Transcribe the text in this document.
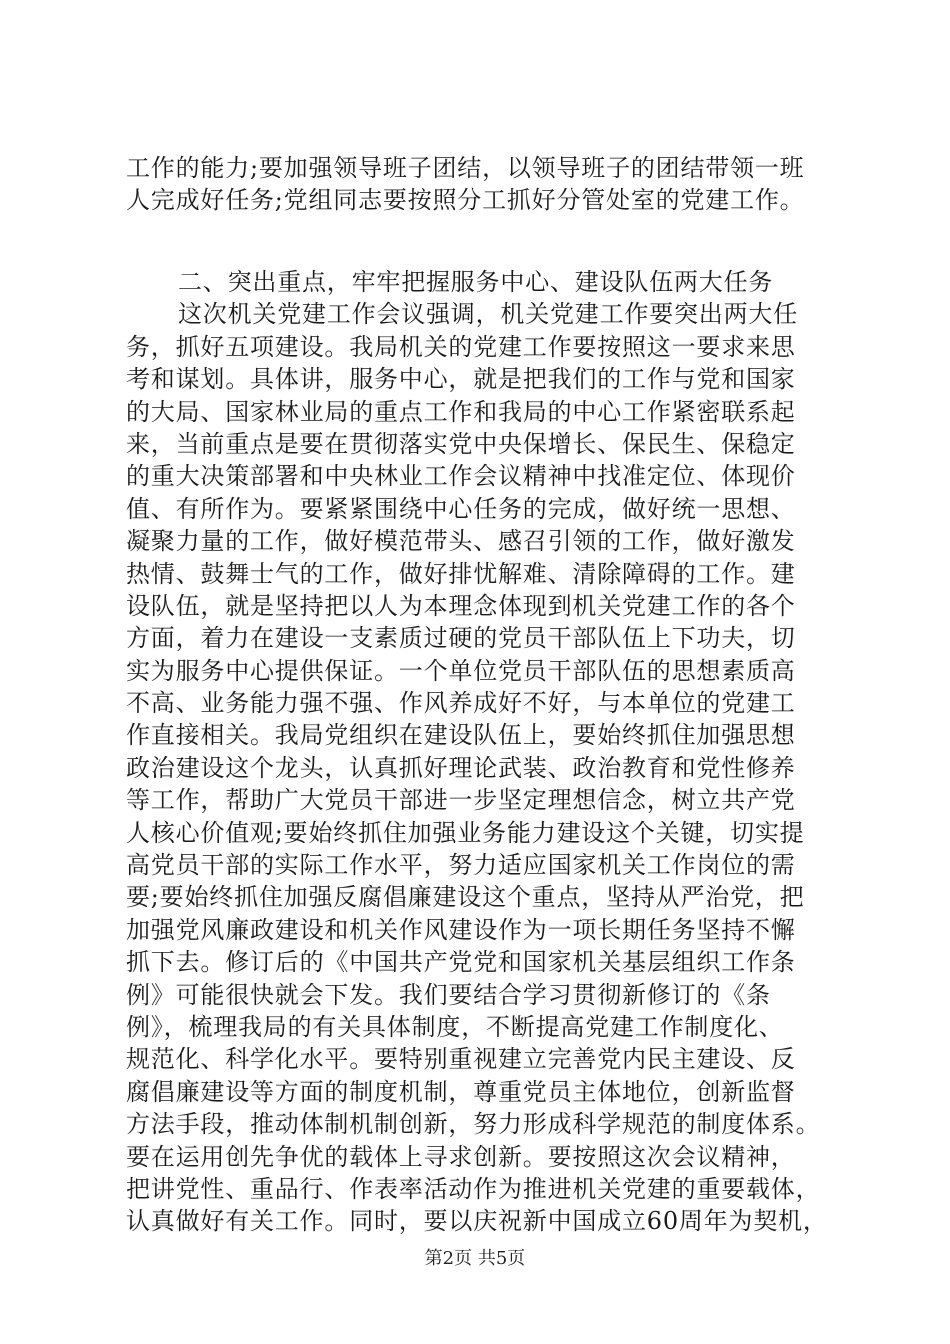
工作的能力;要加强领导班子团结，以领导班子的团结带领一班
人完成好任务;党组同志要按照分工抓好分管处室的党建工作。
二、突出重点，牢牢把握服务中心、建设队伍两大任务
这次机关党建工作会议强调，机关党建工作要突出两大任
务，抓好五项建设。我局机关的党建工作要按照这一要求来思
考和谋划。具体讲，服务中心，就是把我们的工作与党和国家
的大局、国家林业局的重点工作和我局的中心工作紧密联系起
来，当前重点是要在贯彻落实党中央保增长、保民生、保稳定
的重大决策部署和中央林业工作会议精神中找准定位、体现价
值、有所作为。要紧紧围绕中心任务的完成，做好统一思想、
凝聚力量的工作，做好模范带头、感召引领的工作，做好激发
热情、鼓舞士气的工作，做好排忧解难、清除障碍的工作。建
设队伍，就是坚持把以人为本理念体现到机关党建工作的各个
方面，着力在建设一支素质过硬的党员干部队伍上下功夫，切
实为服务中心提供保证。一个单位党员干部队伍的思想素质高
不高、业务能力强不强、作风养成好不好，与本单位的党建工
作直接相关。我局党组织在建设队伍上，要始终抓住加强思想
政治建设这个龙头，认真抓好理论武装、政治教育和党性修养
等工作，帮助广大党员干部进一步坚定理想信念，树立共产党
人核心价值观;要始终抓住加强业务能力建设这个关键，切实提
高党员干部的实际工作水平，努力适应国家机关工作岗位的需
要;要始终抓住加强反腐倡廉建设这个重点，坚持从严治党，把
加强党风廉政建设和机关作风建设作为一项长期任务坚持不懈
抓下去。修订后的《中国共产党党和国家机关基层组织工作条
例》可能很快就会下发。我们要结合学习贯彻新修订的《条
例》，梳理我局的有关具体制度，不断提高党建工作制度化、
规范化、科学化水平。要特别重视建立完善党内民主建设、反
腐倡廉建设等方面的制度机制，尊重党员主体地位，创新监督
方法手段，推动体制机制创新，努力形成科学规范的制度体系。
要在运用创先争优的载体上寻求创新。要按照这次会议精神，
把讲党性、重品行、作表率活动作为推进机关党建的重要载体，
认真做好有关工作。同时，要以庆祝新中国成立60周年为契机，
第2页 共5页
